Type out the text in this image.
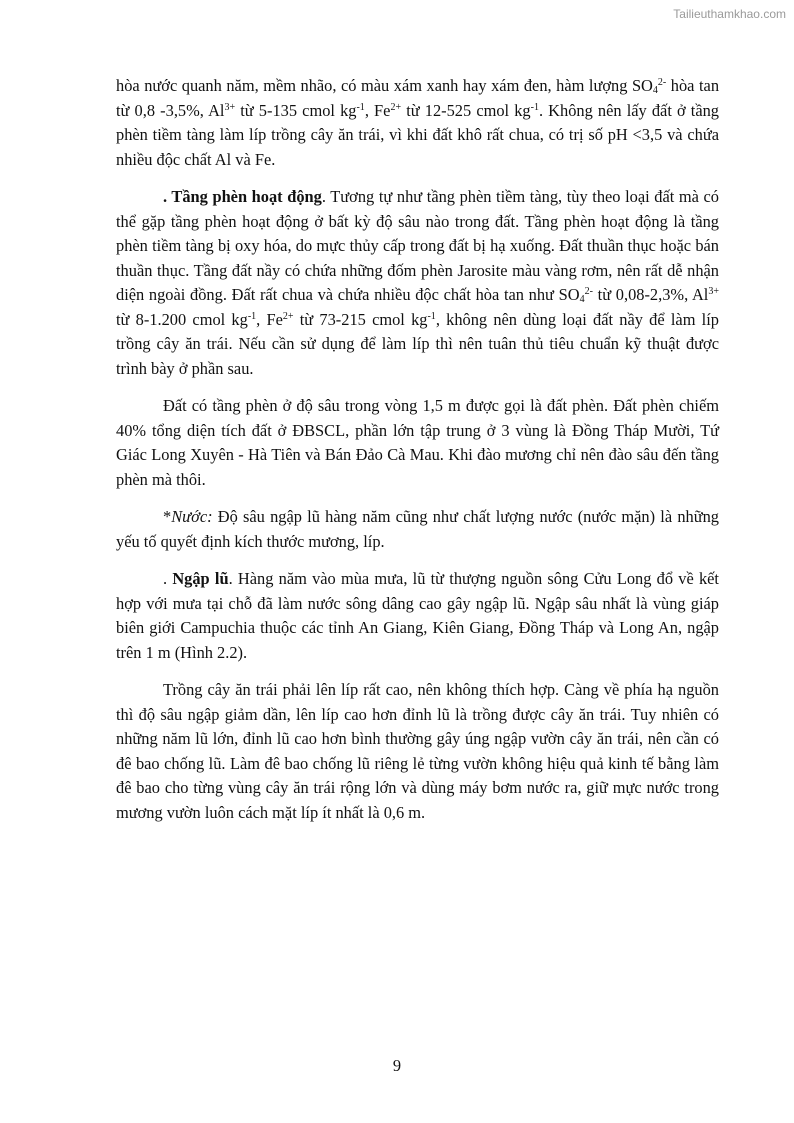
Tailieuthamkhao.com

hòa nước quanh năm, mềm nhão, có màu xám xanh hay xám đen, hàm lượng $SO_4^{2-}$ hòa tan từ 0,8 -3,5%, $Al^{3+}$ từ 5-135 cmol $kg^{-1}$, $Fe^{2+}$ từ 12-525 cmol $kg^{-1}$. Không nên lấy đất ở tầng phèn tiềm tàng làm líp trồng cây ăn trái, vì khi đất khô rất chua, có trị số pH <3,5 và chứa nhiều độc chất Al và Fe.

. Tầng phèn hoạt động. Tương tự như tầng phèn tiềm tàng, tùy theo loại đất mà có thể gặp tầng phèn hoạt động ở bất kỳ độ sâu nào trong đất. Tầng phèn hoạt động là tầng phèn tiềm tàng bị oxy hóa, do mực thủy cấp trong đất bị hạ xuống. Đất thuần thục hoặc bán thuần thục. Tầng đất nầy có chứa những đốm phèn Jarosite màu vàng rơm, nên rất dễ nhận diện ngoài đồng. Đất rất chua và chứa nhiều độc chất hòa tan như $SO_4^{2-}$ từ 0,08-2,3%, $Al^{3+}$ từ 8-1.200 cmol $kg^{-1}$, $Fe^{2+}$ từ 73-215 cmol $kg^{-1}$, không nên dùng loại đất nầy để làm líp trồng cây ăn trái. Nếu cần sử dụng để làm líp thì nên tuân thủ tiêu chuẩn kỹ thuật được trình bày ở phần sau.

Đất có tầng phèn ở độ sâu trong vòng 1,5 m được gọi là đất phèn. Đất phèn chiếm 40% tổng diện tích đất ở ĐBSCL, phần lớn tập trung ở 3 vùng là Đồng Tháp Mười, Tứ Giác Long Xuyên - Hà Tiên và Bán Đảo Cà Mau. Khi đào mương chỉ nên đào sâu đến tầng phèn mà thôi.

*Nước: Độ sâu ngập lũ hàng năm cũng như chất lượng nước (nước mặn) là những yếu tố quyết định kích thước mương, líp.

. Ngập lũ. Hàng năm vào mùa mưa, lũ từ thượng nguồn sông Cửu Long đổ về kết hợp với mưa tại chỗ đã làm nước sông dâng cao gây ngập lũ. Ngập sâu nhất là vùng giáp biên giới Campuchia thuộc các tỉnh An Giang, Kiên Giang, Đồng Tháp và Long An, ngập trên 1 m (Hình 2.2).

Trồng cây ăn trái phải lên líp rất cao, nên không thích hợp. Càng về phía hạ nguồn thì độ sâu ngập giảm dần, lên líp cao hơn đỉnh lũ là trồng được cây ăn trái. Tuy nhiên có những năm lũ lớn, đỉnh lũ cao hơn bình thường gây úng ngập vườn cây ăn trái, nên cần có đê bao chống lũ. Làm đê bao chống lũ riêng lẻ từng vườn không hiệu quả kinh tế bằng làm đê bao cho từng vùng cây ăn trái rộng lớn và dùng máy bơm nước ra, giữ mực nước trong mương vườn luôn cách mặt líp ít nhất là 0,6 m.

9
